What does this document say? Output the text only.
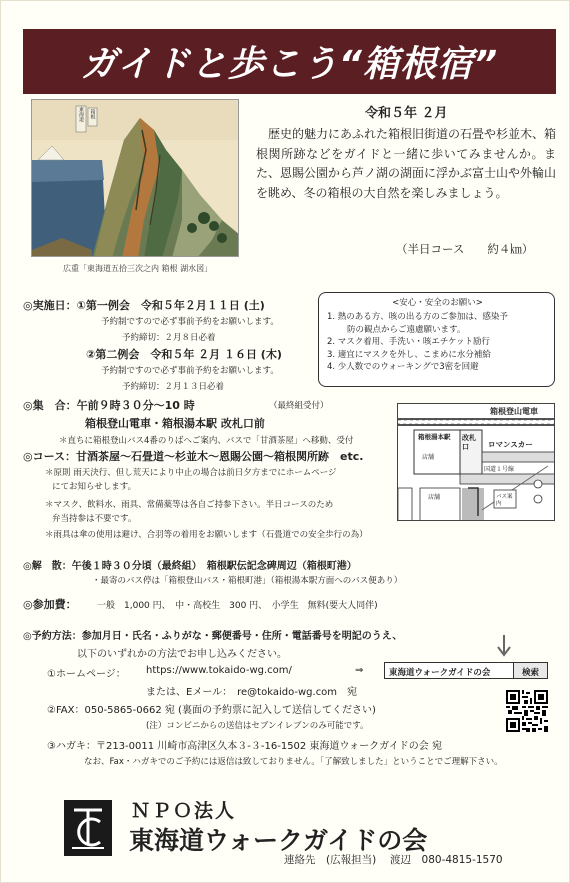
ガイドと歩こう“箱根宿”
東海道 箱根
広重「東海道五拾三次之内 箱根 湖水図」
令和５年 ２月
歴史的魅力にあふれた箱根旧街道の石畳や杉並木、箱根関所跡などをガイドと一緒に歩いてみませんか。また、恩賜公園から芦ノ湖の湖面に浮かぶ富士山や外輪山を眺め、冬の箱根の大自然を楽しみましょう。
（半日コース　　約４㎞）
◎実施日：①第一例会　令和５年２月１１日 (土)
予約制ですので必ず事前予約をお願いします。
予約締切：２月８日必着
②第二例会　令和５年 ２月 １６日 (木)
予約制ですので必ず事前予約をお願いします。
予約締切：２月１３日必着
<安心・安全のお願い>
1. 熱のある方、咳の出る方のご参加は、感染予
防の観点からご遠慮願います。
2. マスク着用、手洗い・咳エチケット励行
3. 適宜にマスクを外し、こまめに水分補給
4. 少人数でのウォーキングで3密を回避
◎集　合：午前９時３０分～10 時	（最終組受付）
箱根登山電車・箱根湯本駅 改札口前
＊直ちに箱根登山バス4番のりばへご案内、バスで「甘酒茶屋」へ移動、受付
箱根登山電車
箱根湯本駅 改札口	ロマンスカー
店舗
国道１号線
店舗	バス案内
◎コース：甘酒茶屋～石畳道～杉並木～恩賜公園～箱根関所跡　etc.
＊原則 雨天決行、但し荒天により中止の場合は前日夕方までにホームページ
にてお知らせします。
＊マスク、飲料水、雨具、常備薬等は各自ご持参下さい。半日コースのため
弁当持参は不要です。
＊雨具は傘の使用は避け、合羽等の着用をお願いします（石畳道での安全歩行の為）
◎解　散：午後１時３０分頃（最終組）　箱根駅伝記念碑周辺（箱根町港）
・最寄のバス停は「箱根登山バス・箱根町港」（箱根湯本駅方面へのバス便あり）
◎参加費： 一般　1,000 円、　中・高校生　300 円、　小学生　無料(要大人同伴)
◎予約方法：参加月日・氏名・ふりがな・郵便番号・住所・電話番号を明記のうえ、
以下のいずれかの方法でお申し込みください。
①ホームページ： https://www.tokaido-wg.com/	⇒	東海道ウォークガイドの会	検索
または、Eメール：　re@tokaido-wg.com　宛
②FAX：050-5865-0662 宛 (裏面の予約票に記入して送信してください)
(注）コンビニからの送信はセブンイレブンのみ可能です。
③ハガキ：〒213-0011 川崎市高津区久本３-３-16-1502 東海道ウォークガイドの会 宛
なお、Fax・ハガキでのご予約には返信は致しておりません。「了解致しました」ということでご理解下さい。
ＮＰＯ法人
東海道ウォークガイドの会
連絡先　(広報担当)　 渡辺　080-4815-1570
